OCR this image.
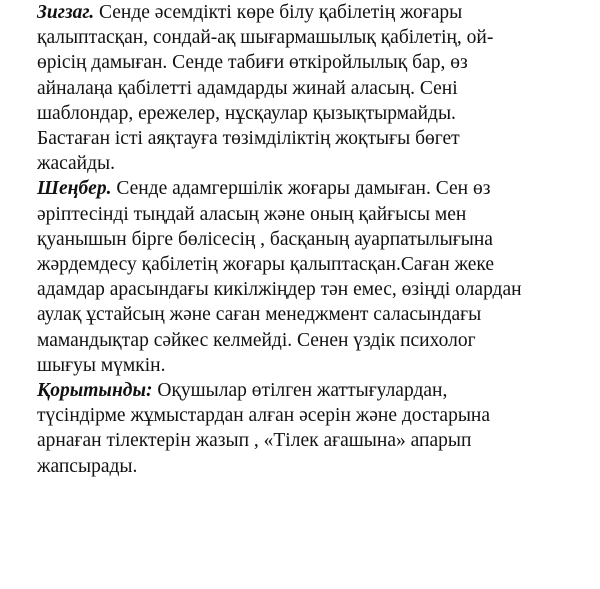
Зигзаг. Сенде әсемдікті көре білу қабілетің жоғары
қалыптасқан, сондай-ақ шығармашылық қабілетің, ой-
өрісің дамыған. Сенде табиғи өткіройлылық бар, өз
айналаңа қабілетті адамдарды жинай аласың. Сені
шаблондар, ережелер, нұсқаулар қызықтырмайды.
Бастаған істі аяқтауға төзімділіктің жоқтығы бөгет
жасайды.
Шеңбер. Сенде адамгершілік жоғары дамыған. Сен өз
әріптесінді тыңдай аласың және оның қайғысы мен
қуанышын бірге бөлісесің , басқаның ауарпатылығына
жәрдемдесу қабілетің жоғары қалыптасқан.Саған жеке
адамдар арасындағы кикілжіңдер тән емес, өзіңді олардан
аулақ ұстайсың және саған менеджмент саласындағы
мамандықтар сәйкес келмейді. Сенен үздік психолог
шығуы мүмкін.
Қорытынды: Оқушылар өтілген жаттығулардан,
түсіндірме жұмыстардан алған әсерін және достарына
арнаған тілектерін жазып , «Тілек ағашына» апарып
жапсырады.
